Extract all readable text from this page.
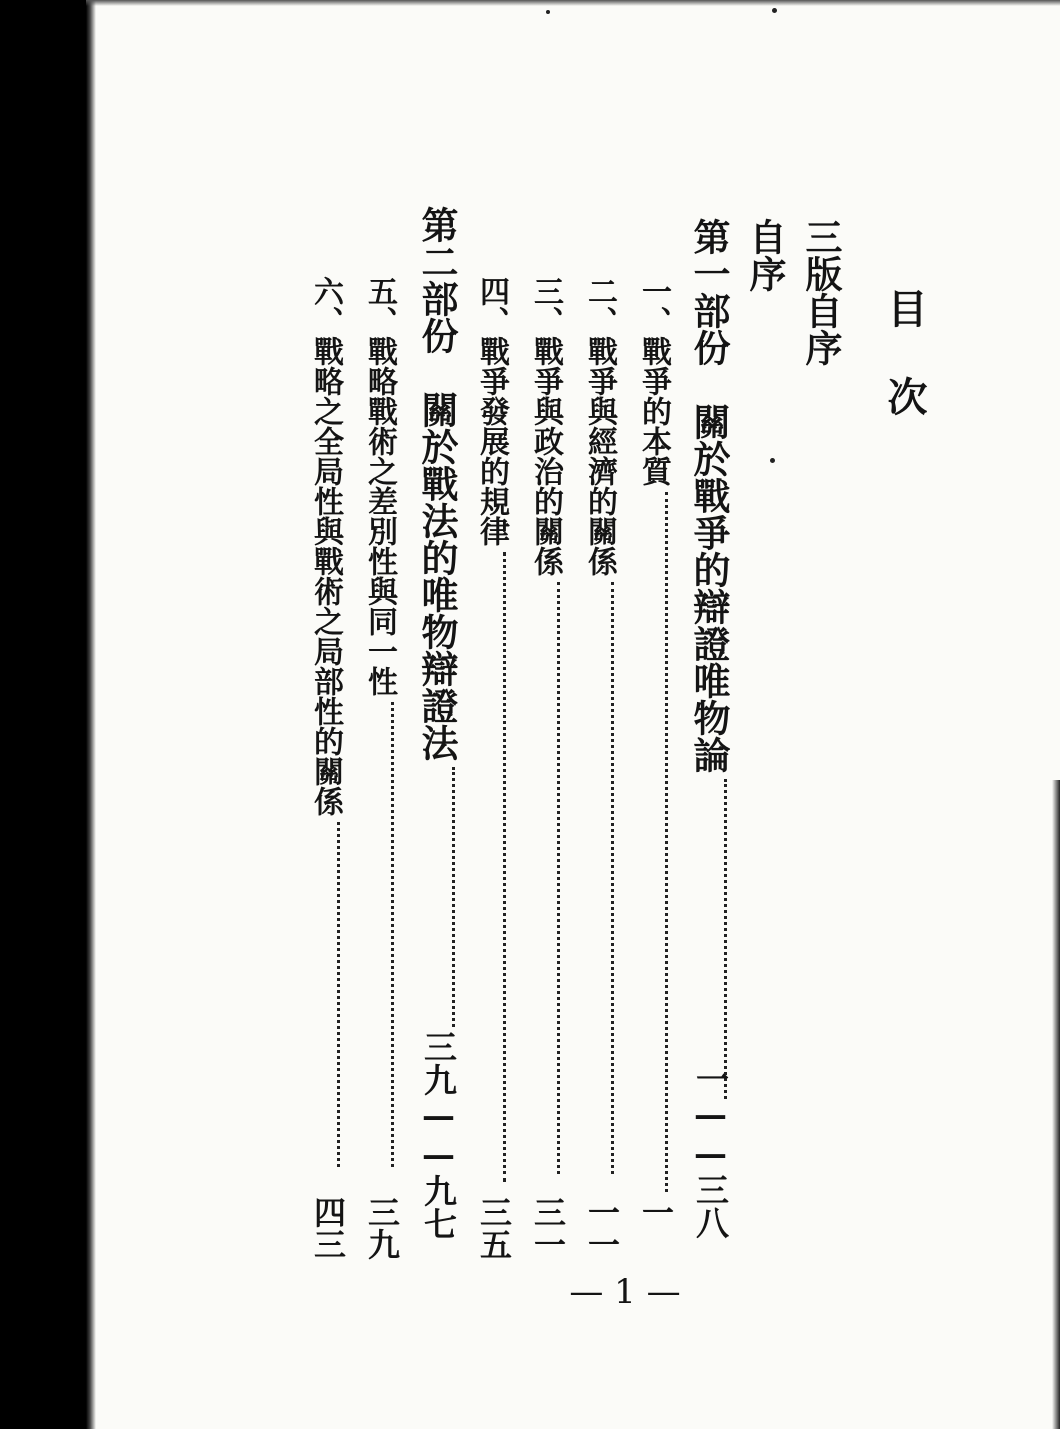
目次
三版自序
自序
第一部份　關於戰爭的辯證唯物論
一——三八
一、戰爭的本質
一
二、戰爭與經濟的關係
一一
三、戰爭與政治的關係
三一
四、戰爭發展的規律
三五
第二部份　關於戰法的唯物辯證法
三九——九七
五、戰略戰術之差別性與同一性
三九
六、戰略之全局性與戰術之局部性的關係
四三
— 1 —
